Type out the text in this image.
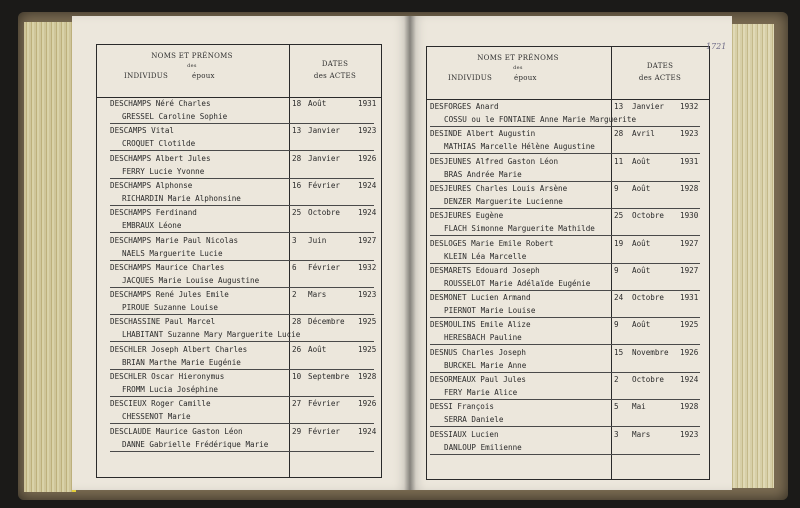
NOMS ET PRÉNOMS
des
INDIVIDUS	époux
DATES
des ACTES
DESCHAMPS Néré Charles
GRESSEL Caroline Sophie
18 Août	1931
DESCAMPS Vital
CROQUET Clotilde
13 Janvier 1923
DESCHAMPS Albert Jules
FERRY Lucie Yvonne
28 Janvier 1926
DESCHAMPS Alphonse
RICHARDIN Marie Alphonsine
16 Février 1924
DESCHAMPS Ferdinand
EMBRAUX Léone
25 Octobre 1924
DESCHAMPS Marie Paul Nicolas
NAELS Marguerite Lucie
3 Juin	1927
DESCHAMPS Maurice Charles
JACQUES Marie Louise Augustine
6 Février 1932
DESCHAMPS René Jules Emile
PIROUE Suzanne Louise
2 Mars	1923
DESCHASSINE Paul Marcel
LHABITANT Suzanne Mary Marguerite Lucie
28 Décembre 1925
DESCHLER Joseph Albert Charles
BRIAN Marthe Marie Eugénie
26 Août	1925
DESCHLER Oscar Hieronymus
FROMM Lucia Joséphine
10 Septembre 1928
DESCIEUX Roger Camille
CHESSENOT Marie
27 Février 1926
DESCLAUDE Maurice Gaston Léon
DANNE Gabrielle Frédérique Marie
29 Février 1924
NOMS ET PRÉNOMS
des
INDIVIDUS	époux
DATES
des ACTES
1721
DESFORGES Anard
COSSU ou le FONTAINE Anne Marie Marguerite
13 Janvier 1932
DESINDE Albert Augustin
MATHIAS Marcelle Hélène Augustine
28 Avril	1923
DESJEUNES Alfred Gaston Léon
BRAS Andrée Marie
11 Août	1931
DESJEURES Charles Louis Arsène
DENZER Marguerite Lucienne
9 Août	1928
DESJEURES Eugène
FLACH Simonne Marguerite Mathilde
25 Octobre 1930
DESLOGES Marie Emile Robert
KLEIN Léa Marcelle
19 Août	1927
DESMARETS Edouard Joseph
ROUSSELOT Marie Adélaïde Eugénie
9 Août	1927
DESMONET Lucien Armand
PIERNOT Marie Louise
24 Octobre 1931
DESMOULINS Emile Alize
HERESBACH Pauline
9 Août	1925
DESNUS Charles Joseph
BURCKEL Marie Anne
15 Novembre 1926
DESORMEAUX Paul Jules
FERY Marie Alice
2 Octobre 1924
DESSI François
SERRA Daniele
5 Mai	1928
DESSIAUX Lucien
DANLOUP Emilienne
3 Mars	1923
